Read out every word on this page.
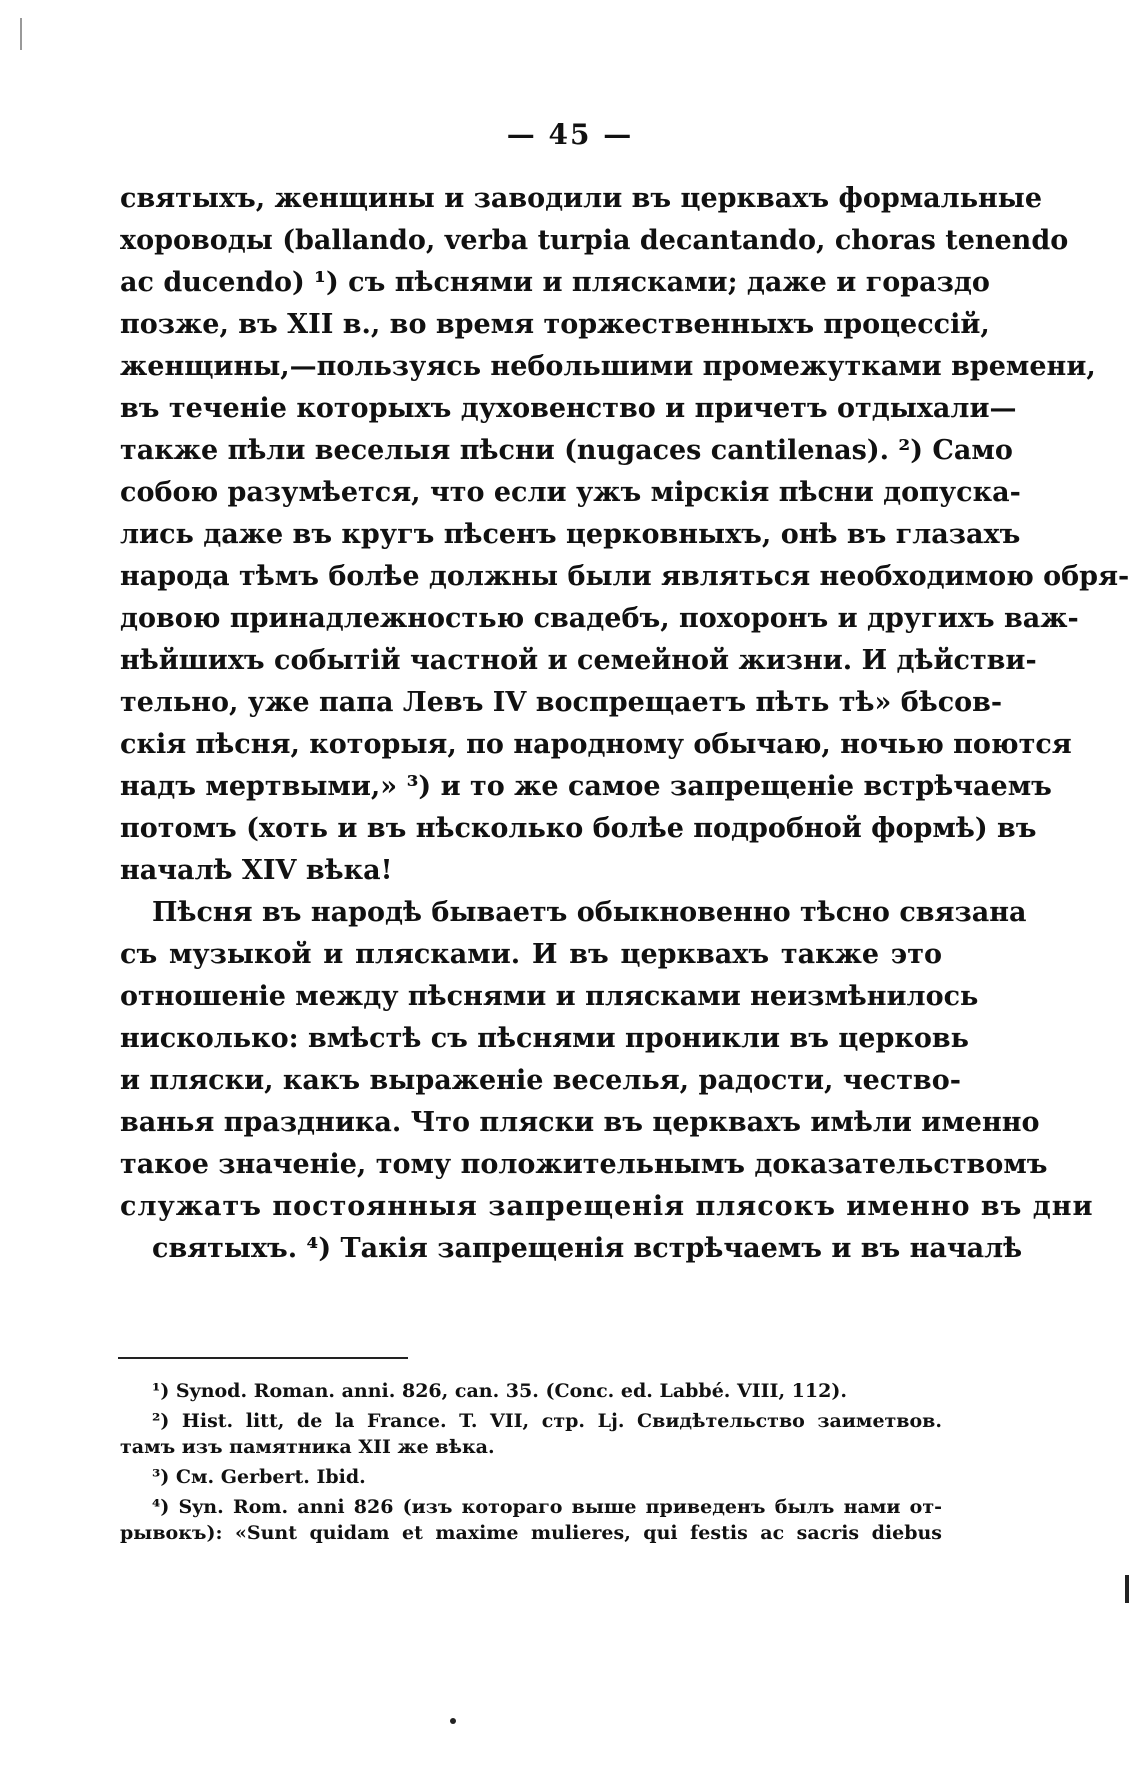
— 45 —
святыхъ, женщины и заводили въ церквахъ формальные
хороводы (ballando, verba turpia decantando, choras tenendo
ac ducendo) ¹) съ пѣснями и плясками; даже и гораздо
позже, въ XII в., во время торжественныхъ процессій,
женщины,—пользуясь небольшими промежутками времени,
въ теченіе которыхъ духовенство и причетъ отдыхали—
также пѣли веселыя пѣсни (nugaces cantilenas). ²) Само
собою разумѣется, что если ужъ мірскія пѣсни допуска-
лись даже въ кругъ пѣсенъ церковныхъ, онѣ въ глазахъ
народа тѣмъ болѣе должны были являться необходимою обря-
довою принадлежностью свадебъ, похоронъ и другихъ важ-
нѣйшихъ событій частной и семейной жизни. И дѣйстви-
тельно, уже папа Левъ IV воспрещаетъ пѣть тѣ» бѣсов-
скія пѣсня, которыя, по народному обычаю, ночью поются
надъ мертвыми,» ³) и то же самое запрещеніе встрѣчаемъ
потомъ (хоть и въ нѣсколько болѣе подробной формѣ) въ
началѣ XIV вѣка!
Пѣсня въ народѣ бываетъ обыкновенно тѣсно связана
съ музыкой и плясками. И въ церквахъ также это
отношеніе между пѣснями и плясками неизмѣнилось
нисколько: вмѣстѣ съ пѣснями проникли въ церковь
и пляски, какъ выраженіе веселья, радости, чество-
ванья праздника. Что пляски въ церквахъ имѣли именно
такое значеніе, тому положительнымъ доказательствомъ
служатъ постоянныя запрещенія плясокъ именно въ дни
святыхъ. ⁴) Такія запрещенія встрѣчаемъ и въ началѣ
¹) Synod. Roman. anni. 826, can. 35. (Conc. ed. Labbé. VIII, 112).
²) Hist. litt, de la France. T. VII, стр. Lj. Свидѣтельство заиметвов.
тамъ изъ памятника XII же вѣка.
³) См. Gerbert. Ibid.
⁴) Syn. Rom. anni 826 (изъ котораго выше приведенъ былъ нами от-
рывокъ): «Sunt quidam et maxime mulieres, qui festis ac sacris diebus
